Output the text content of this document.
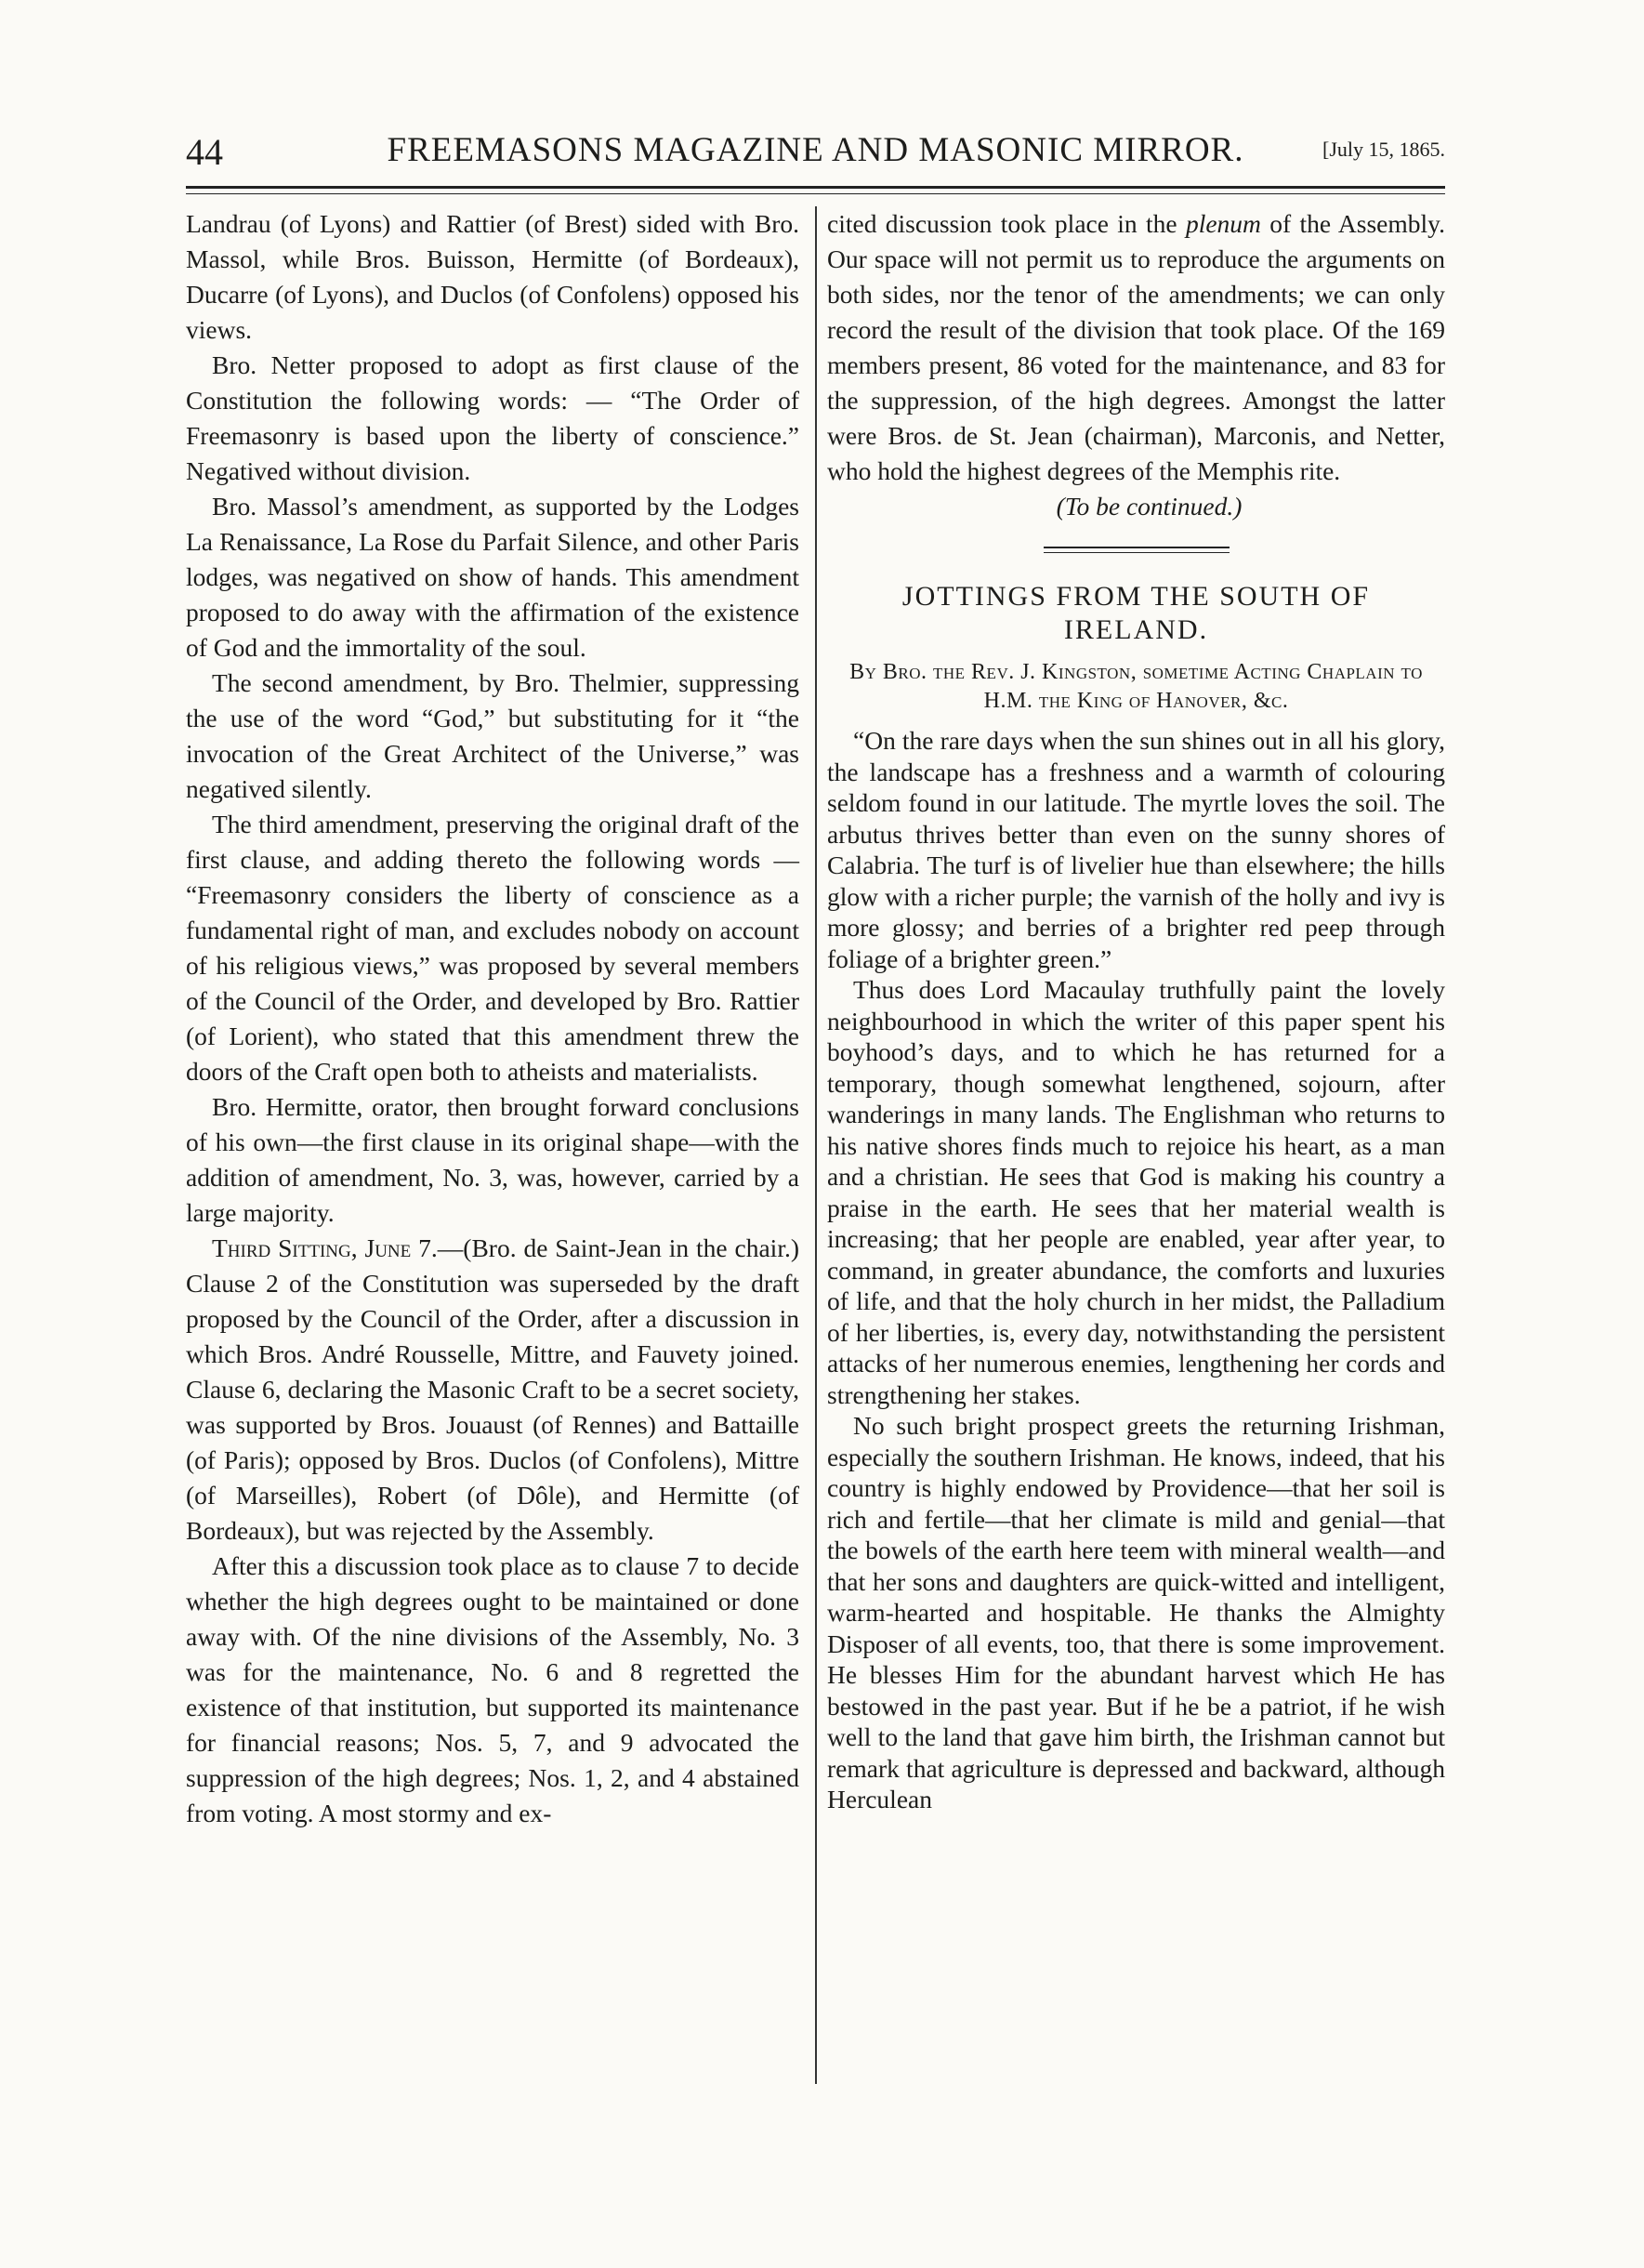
44	FREEMASONS MAGAZINE AND MASONIC MIRROR.	[July 15, 1865.

Landrau (of Lyons) and Rattier (of Brest) sided with Bro. Massol, while Bros. Buisson, Hermitte (of Bordeaux), Ducarre (of Lyons), and Duclos (of Confolens) opposed his views.

Bro. Netter proposed to adopt as first clause of the Constitution the following words: — “The Order of Freemasonry is based upon the liberty of conscience.” Negatived without division.

Bro. Massol’s amendment, as supported by the Lodges La Renaissance, La Rose du Parfait Silence, and other Paris lodges, was negatived on show of hands. This amendment proposed to do away with the affirmation of the existence of God and the immortality of the soul.

The second amendment, by Bro. Thelmier, suppressing the use of the word “God,” but substituting for it “the invocation of the Great Architect of the Universe,” was negatived silently.

The third amendment, preserving the original draft of the first clause, and adding thereto the following words — “Freemasonry considers the liberty of conscience as a fundamental right of man, and excludes nobody on account of his religious views,” was proposed by several members of the Council of the Order, and developed by Bro. Rattier (of Lorient), who stated that this amendment threw the doors of the Craft open both to atheists and materialists.

Bro. Hermitte, orator, then brought forward conclusions of his own—the first clause in its original shape—with the addition of amendment, No. 3, was, however, carried by a large majority.

Third Sitting, June 7.—(Bro. de Saint-Jean in the chair.) Clause 2 of the Constitution was superseded by the draft proposed by the Council of the Order, after a discussion in which Bros. André Rousselle, Mittre, and Fauvety joined. Clause 6, declaring the Masonic Craft to be a secret society, was supported by Bros. Jouaust (of Rennes) and Battaille (of Paris); opposed by Bros. Duclos (of Confolens), Mittre (of Marseilles), Robert (of Dôle), and Hermitte (of Bordeaux), but was rejected by the Assembly.

After this a discussion took place as to clause 7 to decide whether the high degrees ought to be maintained or done away with. Of the nine divisions of the Assembly, No. 3 was for the maintenance, No. 6 and 8 regretted the existence of that institution, but supported its maintenance for financial reasons; Nos. 5, 7, and 9 advocated the suppression of the high degrees; Nos. 1, 2, and 4 abstained from voting. A most stormy and ex-

cited discussion took place in the plenum of the Assembly. Our space will not permit us to reproduce the arguments on both sides, nor the tenor of the amendments; we can only record the result of the division that took place. Of the 169 members present, 86 voted for the maintenance, and 83 for the suppression, of the high degrees. Amongst the latter were Bros. de St. Jean (chairman), Marconis, and Netter, who hold the highest degrees of the Memphis rite.

(To be continued.)

JOTTINGS FROM THE SOUTH OF IRELAND.
By Bro. the Rev. J. Kingston, sometime Acting Chaplain to H.M. the King of Hanover, &c.

“On the rare days when the sun shines out in all his glory, the landscape has a freshness and a warmth of colouring seldom found in our latitude. The myrtle loves the soil. The arbutus thrives better than even on the sunny shores of Calabria. The turf is of livelier hue than elsewhere; the hills glow with a richer purple; the varnish of the holly and ivy is more glossy; and berries of a brighter red peep through foliage of a brighter green.”

Thus does Lord Macaulay truthfully paint the lovely neighbourhood in which the writer of this paper spent his boyhood’s days, and to which he has returned for a temporary, though somewhat lengthened, sojourn, after wanderings in many lands. The Englishman who returns to his native shores finds much to rejoice his heart, as a man and a christian. He sees that God is making his country a praise in the earth. He sees that her material wealth is increasing; that her people are enabled, year after year, to command, in greater abundance, the comforts and luxuries of life, and that the holy church in her midst, the Palladium of her liberties, is, every day, notwithstanding the persistent attacks of her numerous enemies, lengthening her cords and strengthening her stakes.

No such bright prospect greets the returning Irishman, especially the southern Irishman. He knows, indeed, that his country is highly endowed by Providence—that her soil is rich and fertile—that her climate is mild and genial—that the bowels of the earth here teem with mineral wealth—and that her sons and daughters are quick-witted and intelligent, warm-hearted and hospitable. He thanks the Almighty Disposer of all events, too, that there is some improvement. He blesses Him for the abundant harvest which He has bestowed in the past year. But if he be a patriot, if he wish well to the land that gave him birth, the Irishman cannot but remark that agriculture is depressed and backward, although Herculean
